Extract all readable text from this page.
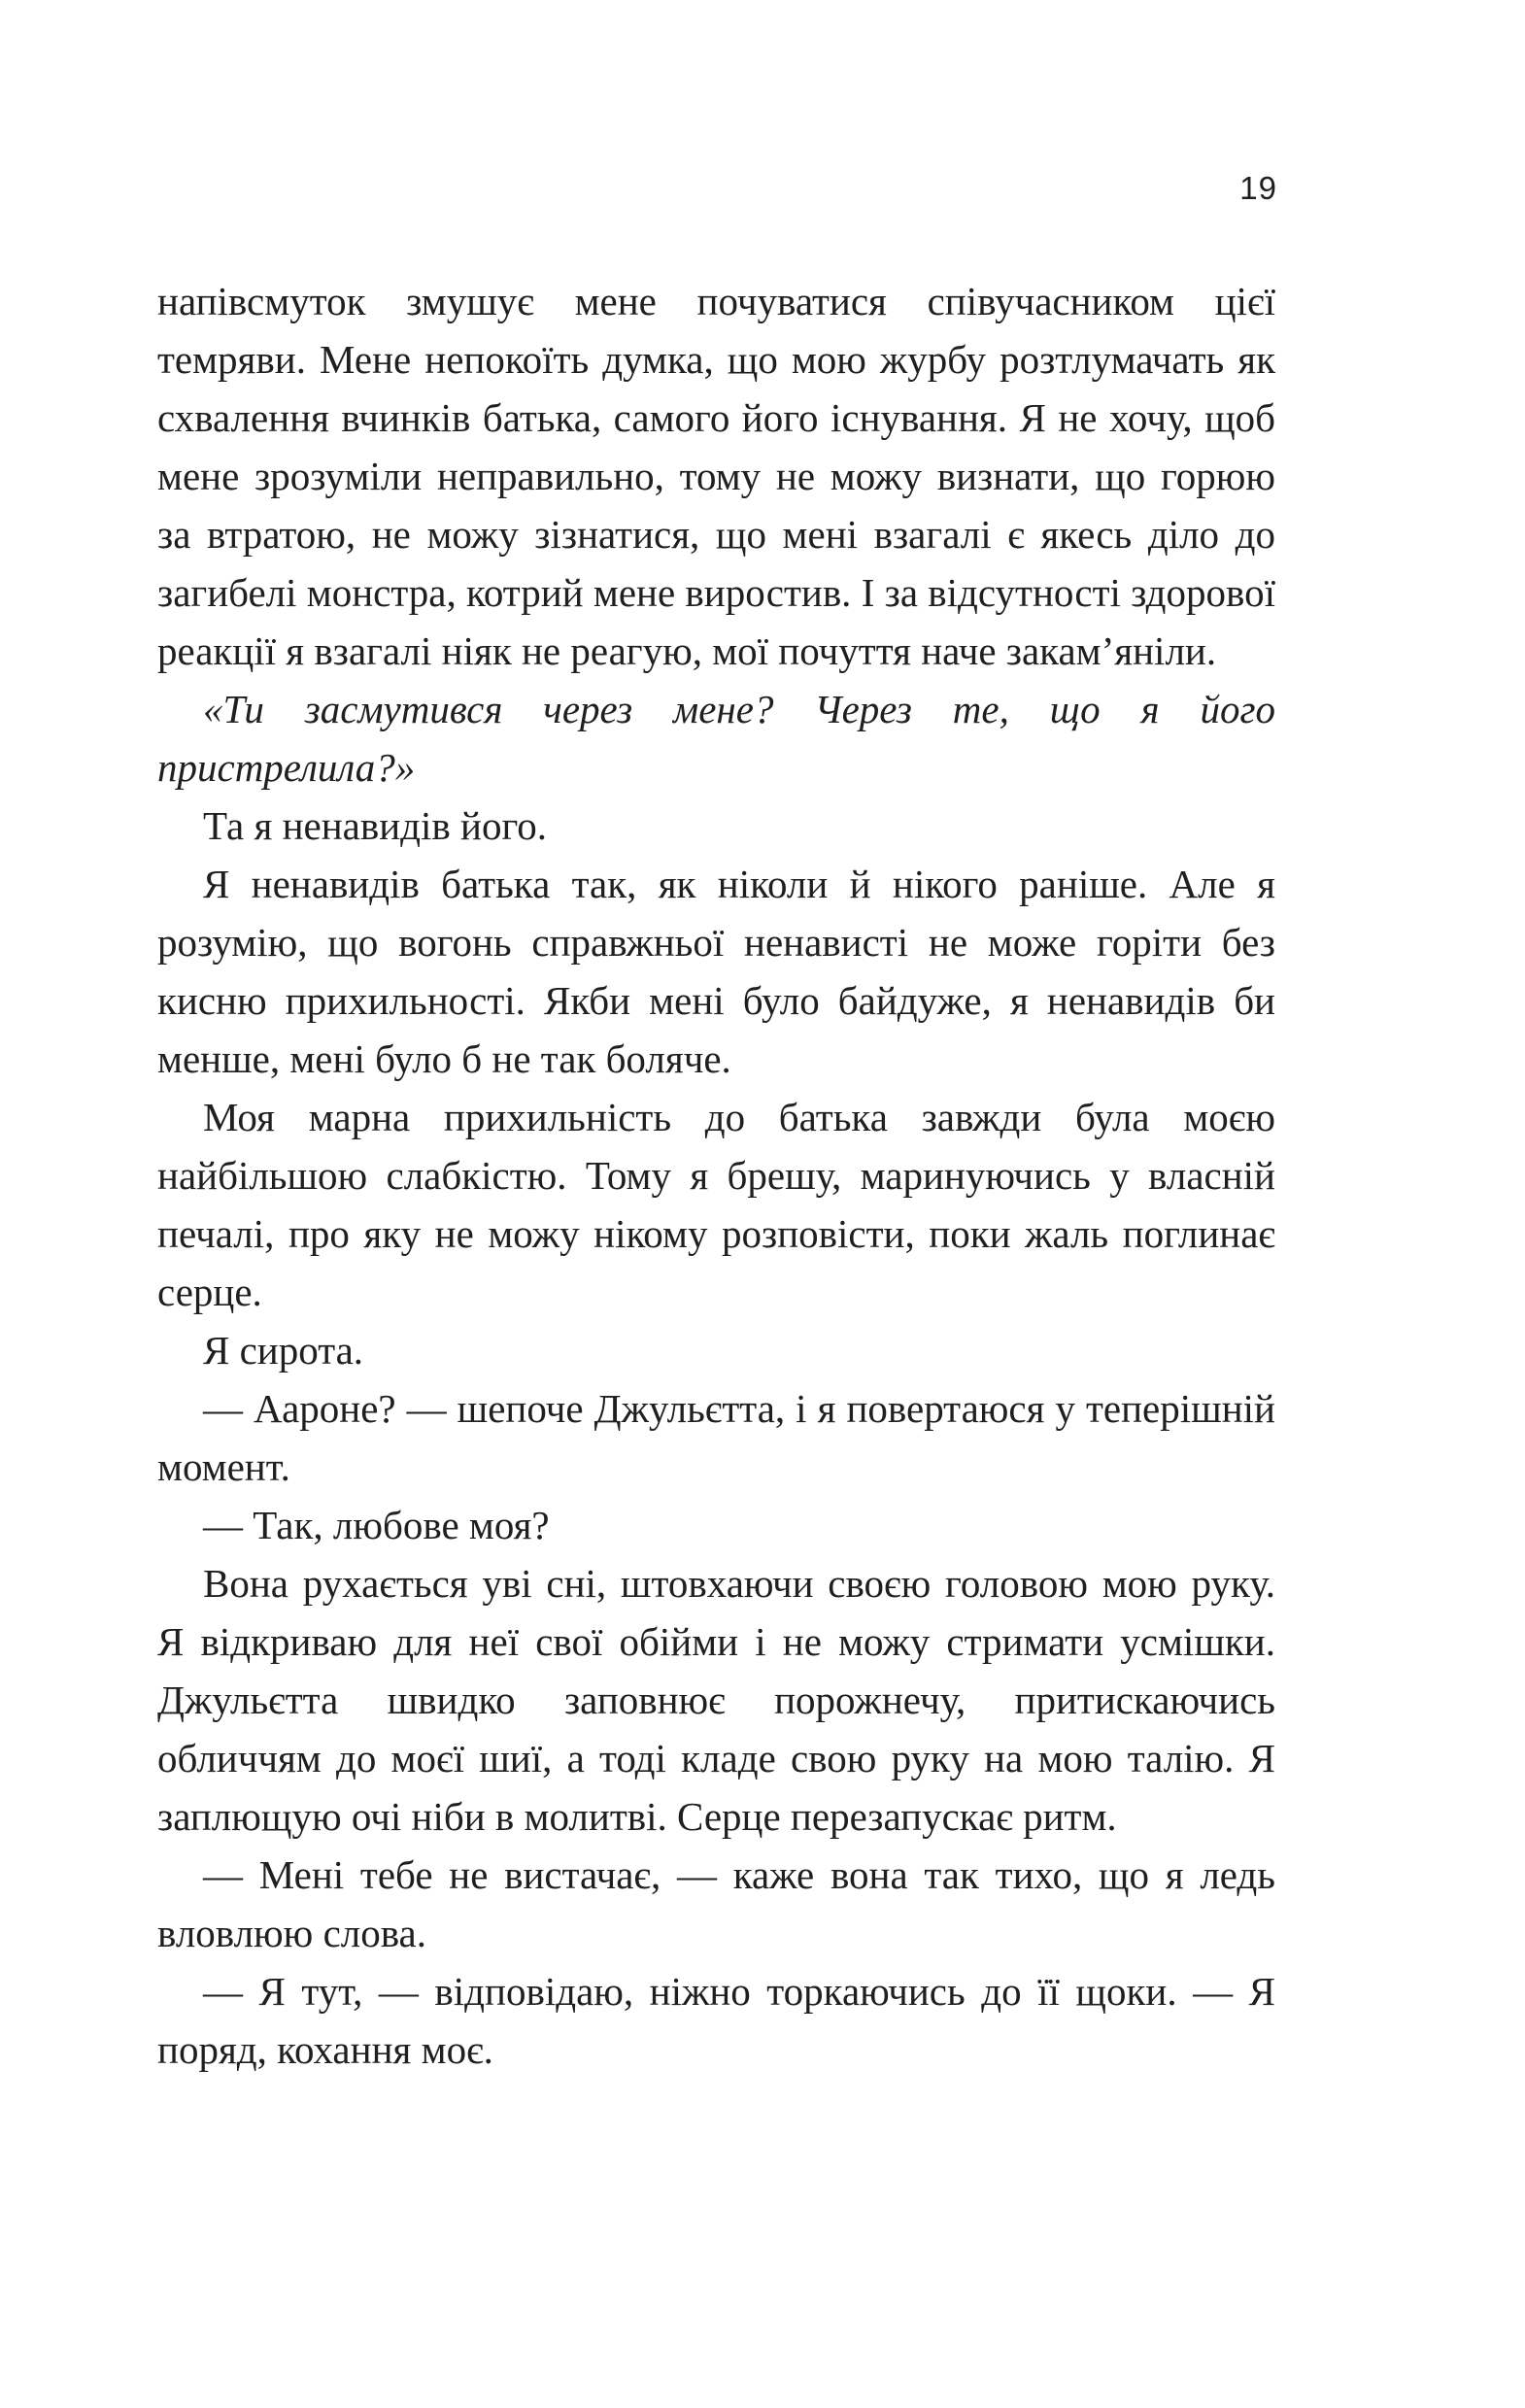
19

напівсмуток змушує мене почуватися співучасником цієї темряви. Мене непокоїть думка, що мою журбу розтлумачать як схвалення вчинків батька, самого його існування. Я не хочу, щоб мене зрозуміли неправильно, тому не можу визнати, що горюю за втратою, не можу зізнатися, що мені взагалі є якесь діло до загибелі монстра, котрий мене виростив. І за відсутності здорової реакції я взагалі ніяк не реагую, мої почуття наче закам’яніли.

«Ти засмутився через мене? Через те, що я його пристрелила?»

Та я ненавидів його.

Я ненавидів батька так, як ніколи й нікого раніше. Але я розумію, що вогонь справжньої ненависті не може горіти без кисню прихильності. Якби мені було байдуже, я ненавидів би менше, мені було б не так боляче.

Моя марна прихильність до батька завжди була моєю найбільшою слабкістю. Тому я брешу, маринуючись у власній печалі, про яку не можу нікому розповісти, поки жаль поглинає серце.

Я сирота.

— Аароне? — шепоче Джульєтта, і я повертаюся у теперішній момент.

— Так, любове моя?

Вона рухається уві сні, штовхаючи своєю головою мою руку. Я відкриваю для неї свої обійми і не можу стримати усмішки. Джульєтта швидко заповнює порожнечу, притискаючись обличчям до моєї шиї, а тоді кладе свою руку на мою талію. Я заплющую очі ніби в молитві. Серце перезапускає ритм.

— Мені тебе не вистачає, — каже вона так тихо, що я ледь вловлюю слова.

— Я тут, — відповідаю, ніжно торкаючись до її щоки. — Я поряд, кохання моє.
